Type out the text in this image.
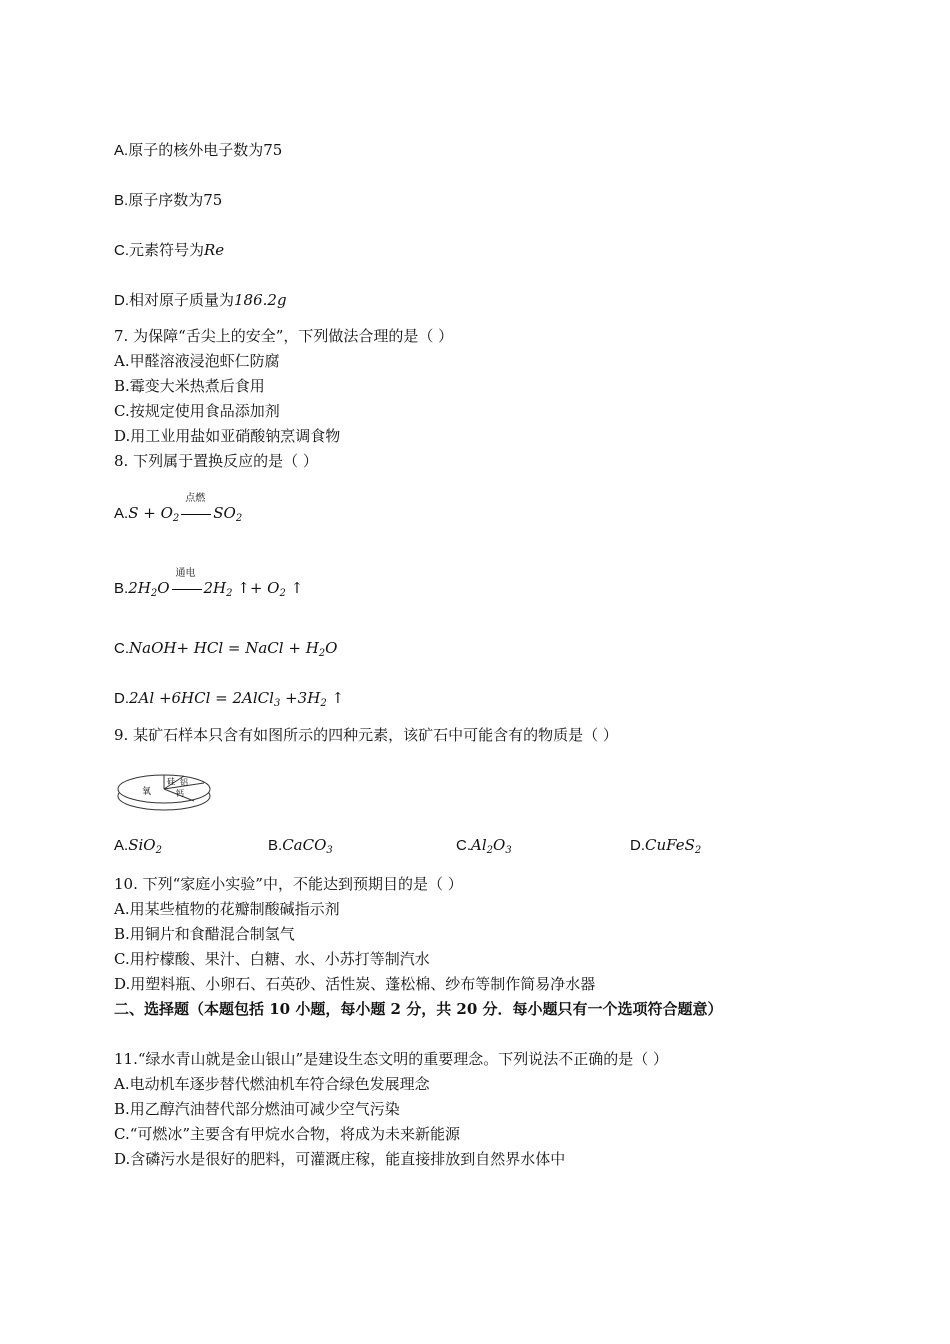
A.原子的核外电子数为75
B.原子序数为75
C.元素符号为Re
D.相对原子质量为186.2g
7. 为保障“舌尖上的安全”，下列做法合理的是（ ）
A.甲醛溶液浸泡虾仁防腐
B.霉变大米热煮后食用
C.按规定使用食品添加剂
D.用工业用盐如亚硝酸钠烹调食物
8. 下列属于置换反应的是（ ）
$A.S + O_2$
点燃
$SO_2$
$B.2H_2O$
通电
$2H_2$ ↑+ $O_2$ ↑
C.NaOH+ HCl = NaCl + $H_2O$
D.2Al +6HCl = 2AlCl$_3$ $+3H_2$ ↑
9. 某矿石样本只含有如图所示的四种元素，该矿石中可能含有的物质是（ ）
氧
硅 铝
钙
A.SiO$_2$	B.CaCO$_3$	$C.Al_2O_3$	D.CuFeS$_2$
10. 下列“家庭小实验”中，不能达到预期目的是（ ）
A.用某些植物的花瓣制酸碱指示剂
B.用铜片和食醋混合制氢气
C.用柠檬酸、果汁、白糖、水、小苏打等制汽水
D.用塑料瓶、小卵石、石英砂、活性炭、蓬松棉、纱布等制作简易净水器
二、选择题（本题包括 10 小题，每小题 2 分，共 20 分．每小题只有一个选项符合题意）
11.“绿水青山就是金山银山”是建设生态文明的重要理念。下列说法不正确的是（ ）
A.电动机车逐步替代燃油机车符合绿色发展理念
B.用乙醇汽油替代部分燃油可减少空气污染
C.“可燃冰”主要含有甲烷水合物，将成为未来新能源
D.含磷污水是很好的肥料，可灌溉庄稼，能直接排放到自然界水体中
